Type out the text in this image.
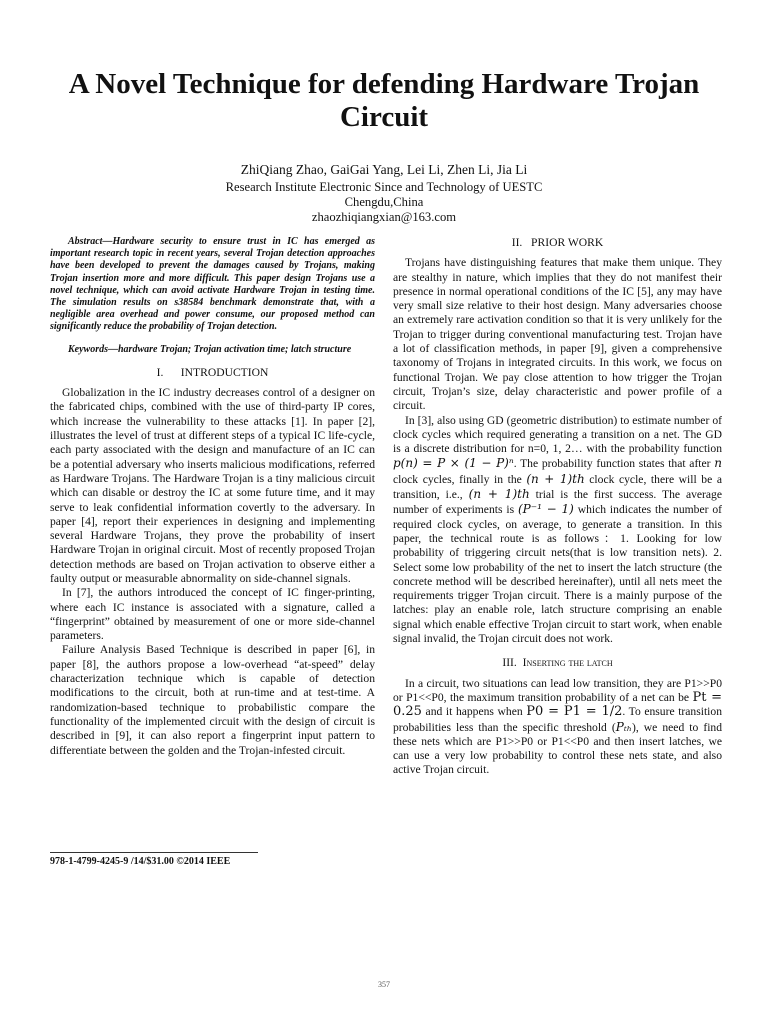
A Novel Technique for defending Hardware Trojan Circuit
ZhiQiang Zhao, GaiGai Yang, Lei Li, Zhen Li, Jia Li
Research Institute Electronic Since and Technology of UESTC
Chengdu,China
zhaozhiqiangxian@163.com

Abstract—Hardware security to ensure trust in IC has emerged as important research topic in recent years, several Trojan detection approaches have been developed to prevent the damages caused by Trojans, making Trojan insertion more and more difficult. This paper design Trojans use a novel technique, which can avoid activate Hardware Trojan in testing time. The simulation results on s38584 benchmark demonstrate that, with a negligible area overhead and power consume, our proposed method can significantly reduce the probability of Trojan detection.

Keywords—hardware Trojan; Trojan activation time; latch structure

I. INTRODUCTION

Globalization in the IC industry decreases control of a designer on the fabricated chips, combined with the use of third-party IP cores, which increase the vulnerability to these attacks [1]. In paper [2], illustrates the level of trust at different steps of a typical IC life-cycle, each party associated with the design and manufacture of an IC can be a potential adversary who inserts malicious modifications, referred as Hardware Trojans. The Hardware Trojan is a tiny malicious circuit which can disable or destroy the IC at some future time, and it may serve to leak confidential information covertly to the adversary. In paper [4], report their experiences in designing and implementing several Hardware Trojans, they prove the probability of insert Hardware Trojan in original circuit. Most of recently proposed Trojan detection methods are based on Trojan activation to observe either a faulty output or measurable abnormality on side-channel signals.

In [7], the authors introduced the concept of IC finger-printing, where each IC instance is associated with a signature, called a “fingerprint” obtained by measurement of one or more side-channel parameters.

Failure Analysis Based Technique is described in paper [6], in paper [8], the authors propose a low-overhead “at-speed” delay characterization technique which is capable of detection modifications to the circuit, both at run-time and at test-time. A randomization-based technique to probabilistic compare the functionality of the implemented circuit with the design of circuit is described in [9], it can also report a fingerprint input pattern to differentiate between the golden and the Trojan-infested circuit.

II. PRIOR WORK

Trojans have distinguishing features that make them unique. They are stealthy in nature, which implies that they do not manifest their presence in normal operational conditions of the IC [5], any may have very small size relative to their host design. Many adversaries choose an extremely rare activation condition so that it is very unlikely for the Trojan to trigger during conventional manufacturing test. Trojan have a lot of classification methods, in paper [9], given a comprehensive taxonomy of Trojans in integrated circuits. In this work, we focus on functional Trojan. We pay close attention to how trigger the Trojan circuit, Trojan’s size, delay characteristic and power profile of a circuit.

In [3], also using GD (geometric distribution) to estimate number of clock cycles which required generating a transition on a net. The GD is a discrete distribution for n=0, 1, 2… with the probability function p(n) = P × (1 − P)ⁿ. The probability function states that after n clock cycles, finally in the (n + 1)th clock cycle, there will be a transition, i.e., (n + 1)th trial is the first success. The average number of experiments is (P⁻¹ − 1) which indicates the number of required clock cycles, on average, to generate a transition. In this paper, the technical route is as follows：1. Looking for low probability of triggering circuit nets(that is low transition nets). 2. Select some low probability of the net to insert the latch structure (the concrete method will be described hereinafter), until all nets meet the requirements trigger Trojan circuit. There is a mainly purpose of the latches: play an enable role, latch structure comprising an enable signal which enable effective Trojan circuit to start work, when enable signal invalid, the Trojan circuit does not work.

III. Inserting the latch

In a circuit, two situations can lead low transition, they are P1>>P0 or P1<<P0, the maximum transition probability of a net can be Pt = 0.25 and it happens when P0 = P1 = 1/2. To ensure transition probabilities less than the specific threshold (Pₜₕ), we need to find these nets which are P1>>P0 or P1<<P0 and then insert latches, we can use a very low probability to control these nets state, and also active Trojan circuit.

978-1-4799-4245-9 /14/$31.00 ©2014 IEEE
357
